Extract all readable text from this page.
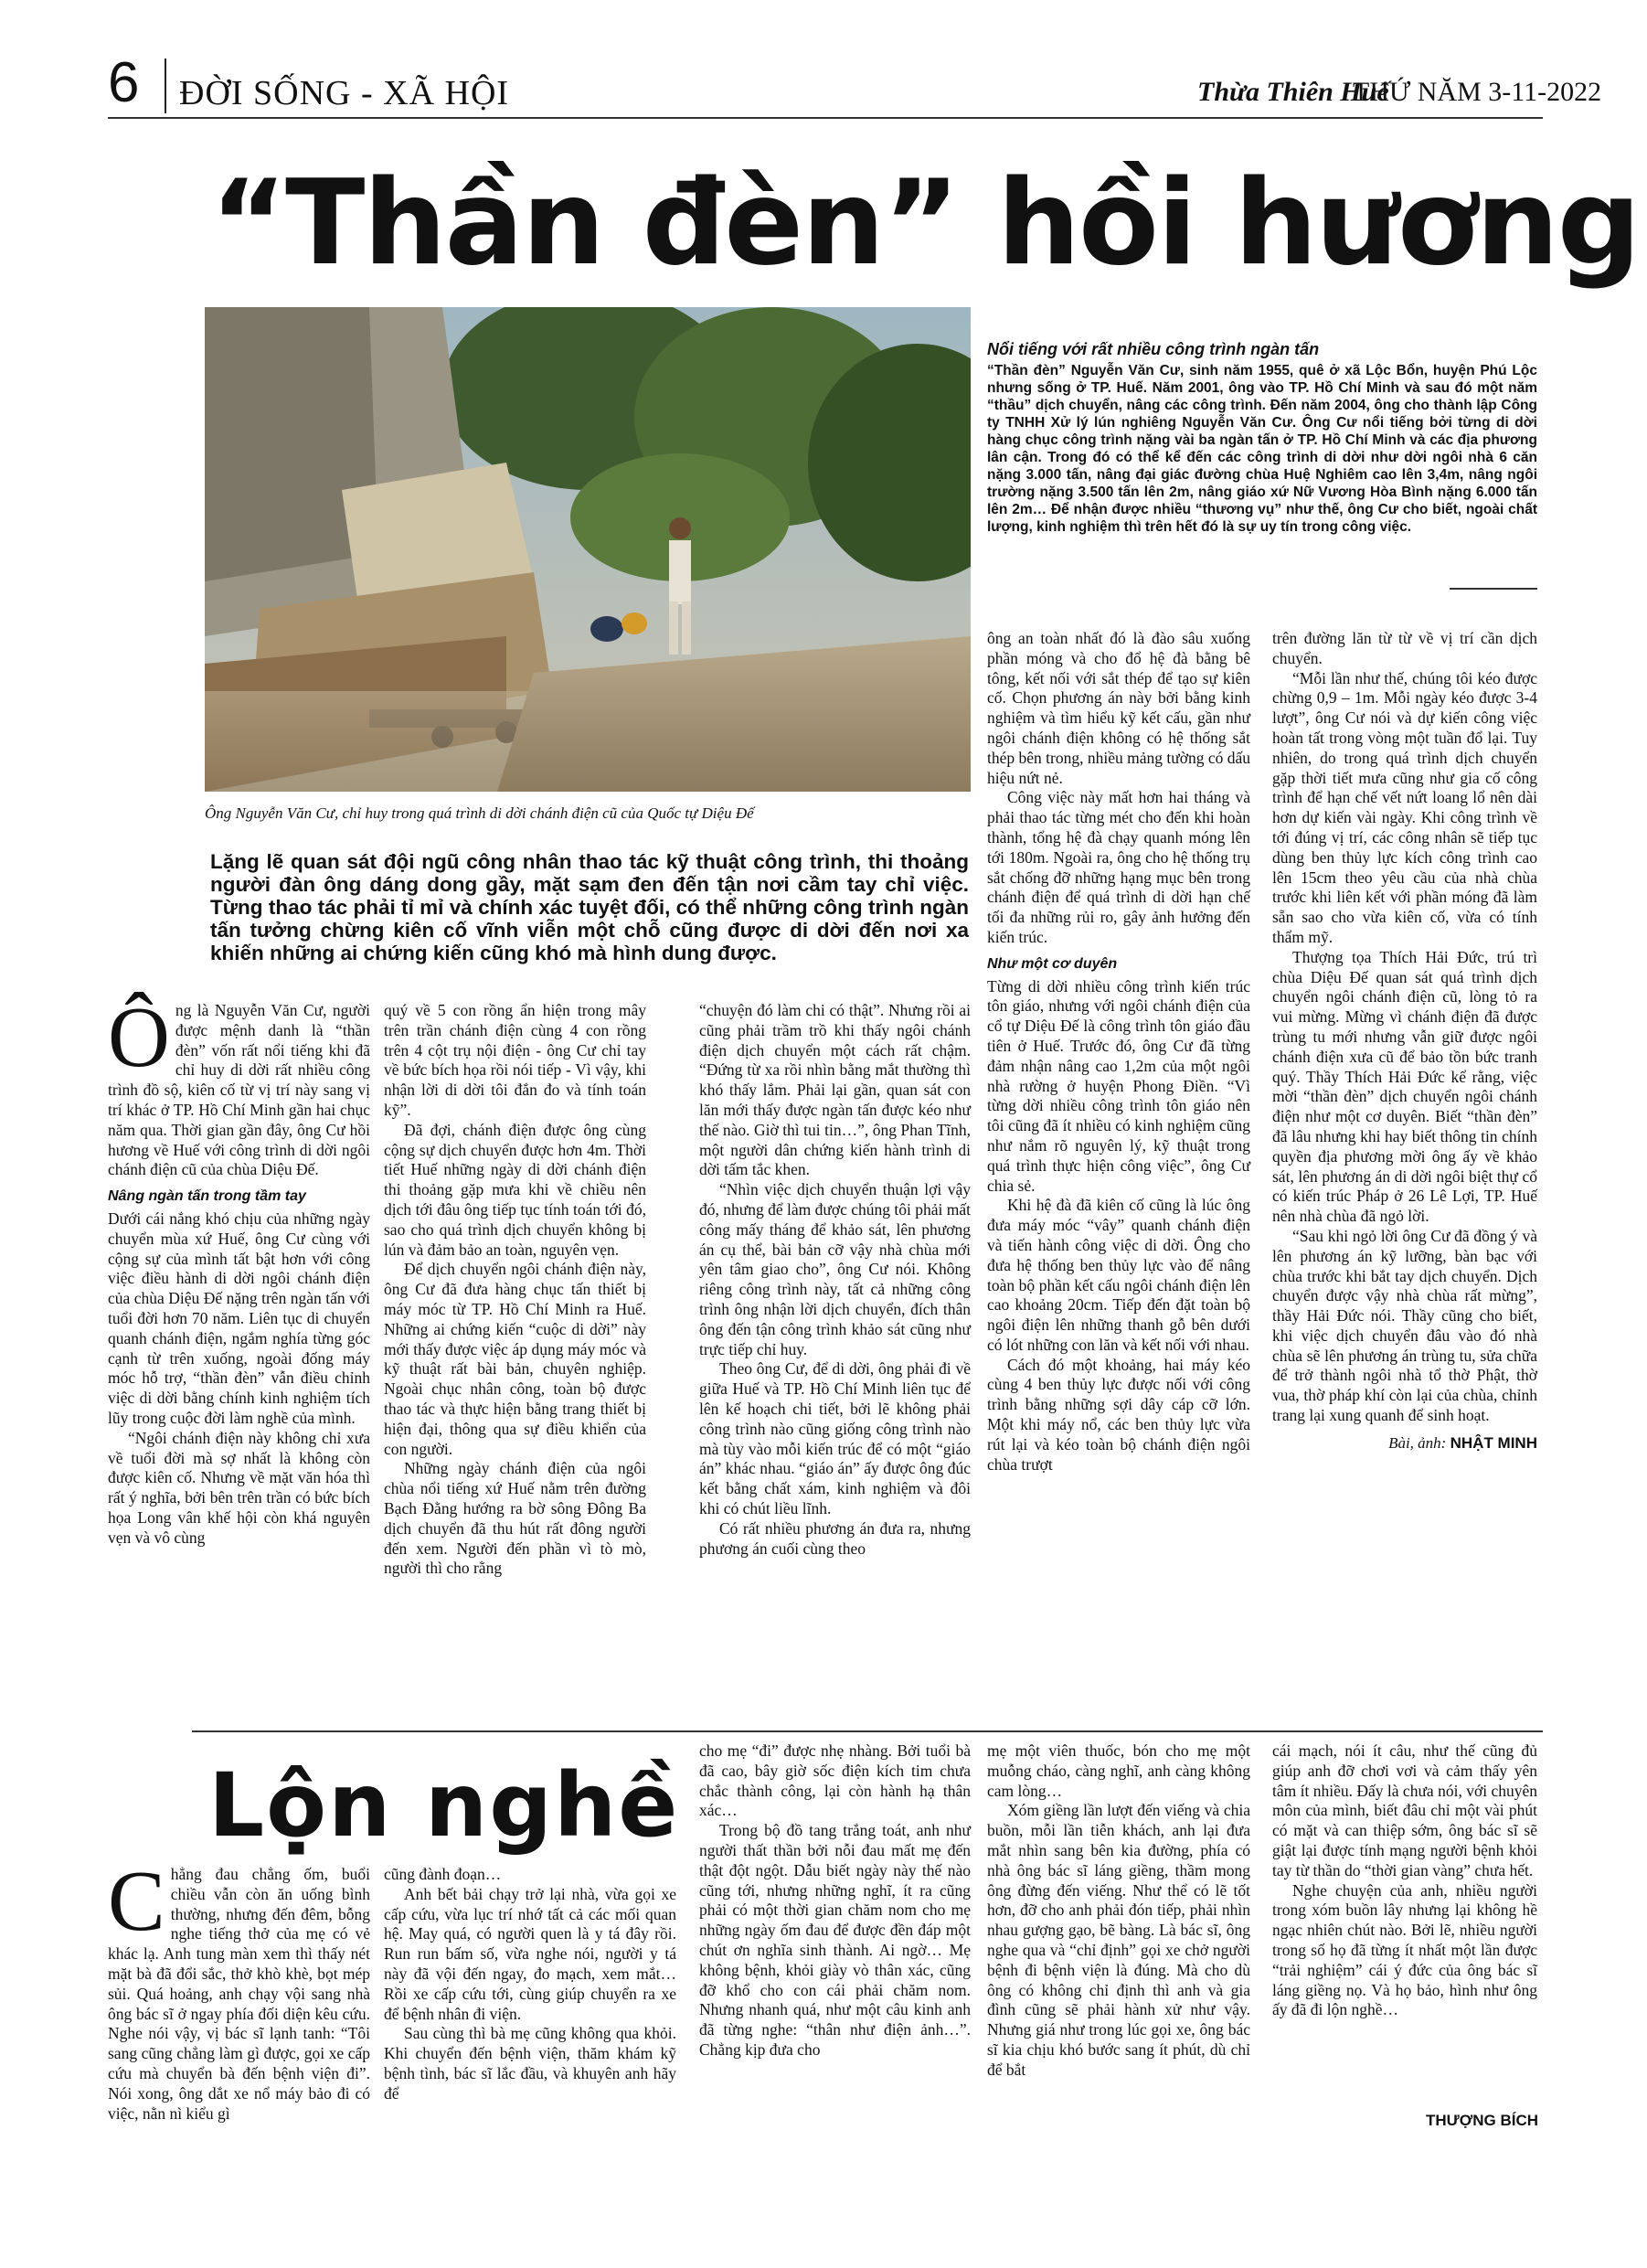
6 ĐỜI SỐNG - XÃ HỘI	Thừa Thiên Huế
THỨ NĂM 3-11-2022
“Thần đèn” hồi hương
Ông Nguyễn Văn Cư, chỉ huy trong quá trình di dời chánh điện cũ của Quốc tự Diệu Đế
Nổi tiếng với rất nhiều công trình ngàn tấn
“Thần đèn” Nguyễn Văn Cư, sinh năm 1955, quê ở xã Lộc Bổn, huyện Phú Lộc nhưng sống ở TP. Huế. Năm 2001, ông vào TP. Hồ Chí Minh và sau đó một năm “thầu” dịch chuyển, nâng các công trình. Đến năm 2004, ông cho thành lập Công ty TNHH Xử lý lún nghiêng Nguyễn Văn Cư. Ông Cư nổi tiếng bởi từng di dời hàng chục công trình nặng vài ba ngàn tấn ở TP. Hồ Chí Minh và các địa phương lân cận. Trong đó có thể kể đến các công trình di dời như dời ngôi nhà 6 căn nặng 3.000 tấn, nâng đại giác đường chùa Huệ Nghiêm cao lên 3,4m, nâng ngôi trường nặng 3.500 tấn lên 2m, nâng giáo xứ Nữ Vương Hòa Bình nặng 6.000 tấn lên 2m… Để nhận được nhiều “thương vụ” như thế, ông Cư cho biết, ngoài chất lượng, kinh nghiệm thì trên hết đó là sự uy tín trong công việc.
Lặng lẽ quan sát đội ngũ công nhân thao tác kỹ thuật công trình, thi thoảng người đàn ông dáng dong gầy, mặt sạm đen đến tận nơi cầm tay chỉ việc. Từng thao tác phải tỉ mỉ và chính xác tuyệt đối, có thể những công trình ngàn tấn tưởng chừng kiên cố vĩnh viễn một chỗ cũng được di dời đến nơi xa khiến những ai chứng kiến cũng khó mà hình dung được.

Ông là Nguyễn Văn Cư, người được mệnh danh là “thần đèn” vốn rất nổi tiếng khi đã chỉ huy di dời rất nhiều công trình đồ sộ, kiên cố từ vị trí này sang vị trí khác ở TP. Hồ Chí Minh gần hai chục năm qua. Thời gian gần đây, ông Cư hồi hương về Huế với công trình di dời ngôi chánh điện cũ của chùa Diệu Đế.

Nâng ngàn tấn trong tầm tay

Dưới cái nắng khó chịu của những ngày chuyển mùa xứ Huế, ông Cư cùng với cộng sự của mình tất bật hơn với công việc điều hành di dời ngôi chánh điện của chùa Diệu Đế nặng trên ngàn tấn với tuổi đời hơn 70 năm. Liên tục di chuyển quanh chánh điện, ngắm nghía từng góc cạnh từ trên xuống, ngoài đống máy móc hỗ trợ, “thần đèn” vẫn điều chỉnh việc di dời bằng chính kinh nghiệm tích lũy trong cuộc đời làm nghề của mình.

“Ngôi chánh điện này không chỉ xưa về tuổi đời mà sợ nhất là không còn được kiên cố. Nhưng về mặt văn hóa thì rất ý nghĩa, bởi bên trên trần có bức bích họa Long vân khế hội còn khá nguyên vẹn và vô cùng

quý về 5 con rồng ẩn hiện trong mây trên trần chánh điện cùng 4 con rồng trên 4 cột trụ nội điện - ông Cư chỉ tay về bức bích họa rồi nói tiếp - Vì vậy, khi nhận lời di dời tôi đắn đo và tính toán kỹ”.

Đã đợi, chánh điện được ông cùng cộng sự dịch chuyển được hơn 4m. Thời tiết Huế những ngày di dời chánh điện thi thoảng gặp mưa khi về chiều nên dịch tới đâu ông tiếp tục tính toán tới đó, sao cho quá trình dịch chuyển không bị lún và đảm bảo an toàn, nguyên vẹn.

Để dịch chuyển ngôi chánh điện này, ông Cư đã đưa hàng chục tấn thiết bị máy móc từ TP. Hồ Chí Minh ra Huế. Những ai chứng kiến “cuộc di dời” này mới thấy được việc áp dụng máy móc và kỹ thuật rất bài bản, chuyên nghiệp. Ngoài chục nhân công, toàn bộ được thao tác và thực hiện bằng trang thiết bị hiện đại, thông qua sự điều khiển của con người.

Những ngày chánh điện của ngôi chùa nổi tiếng xứ Huế nằm trên đường Bạch Đằng hướng ra bờ sông Đông Ba dịch chuyển đã thu hút rất đông người đến xem. Người đến phần vì tò mò, người thì cho rằng

“chuyện đó làm chi có thật”. Nhưng rồi ai cũng phải trầm trồ khi thấy ngôi chánh điện dịch chuyển một cách rất chậm. “Đứng từ xa rồi nhìn bằng mắt thường thì khó thấy lắm. Phải lại gần, quan sát con lăn mới thấy được ngàn tấn được kéo như thế nào. Giờ thì tui tin…”, ông Phan Tĩnh, một người dân chứng kiến hành trình di dời tấm tắc khen.

“Nhìn việc dịch chuyển thuận lợi vậy đó, nhưng để làm được chúng tôi phải mất công mấy tháng để khảo sát, lên phương án cụ thể, bài bản cỡ vậy nhà chùa mới yên tâm giao cho”, ông Cư nói. Không riêng công trình này, tất cả những công trình ông nhận lời dịch chuyển, đích thân ông đến tận công trình khảo sát cũng như trực tiếp chỉ huy.

Theo ông Cư, để di dời, ông phải đi về giữa Huế và TP. Hồ Chí Minh liên tục để lên kế hoạch chi tiết, bởi lẽ không phải công trình nào cũng giống công trình nào mà tùy vào mỗi kiến trúc để có một “giáo án” khác nhau. “giáo án” ấy được ông đúc kết bằng chất xám, kinh nghiệm và đôi khi có chút liều lĩnh.

Có rất nhiều phương án đưa ra, nhưng phương án cuối cùng theo

ông an toàn nhất đó là đào sâu xuống phần móng và cho đổ hệ đà bằng bê tông, kết nối với sắt thép để tạo sự kiên cố. Chọn phương án này bởi bằng kinh nghiệm và tìm hiểu kỹ kết cấu, gần như ngôi chánh điện không có hệ thống sắt thép bên trong, nhiều mảng tường có dấu hiệu nứt nẻ.

Công việc này mất hơn hai tháng và phải thao tác từng mét cho đến khi hoàn thành, tổng hệ đà chạy quanh móng lên tới 180m. Ngoài ra, ông cho hệ thống trụ sắt chống đỡ những hạng mục bên trong chánh điện để quá trình di dời hạn chế tối đa những rủi ro, gây ảnh hưởng đến kiến trúc.

Như một cơ duyên

Từng di dời nhiều công trình kiến trúc tôn giáo, nhưng với ngôi chánh điện của cổ tự Diệu Đế là công trình tôn giáo đầu tiên ở Huế. Trước đó, ông Cư đã từng đảm nhận nâng cao 1,2m của một ngôi nhà rường ở huyện Phong Điền. “Vì từng dời nhiều công trình tôn giáo nên tôi cũng đã ít nhiều có kinh nghiệm cũng như nắm rõ nguyên lý, kỹ thuật trong quá trình thực hiện công việc”, ông Cư chia sẻ.

Khi hệ đà đã kiên cố cũng là lúc ông đưa máy móc “vây” quanh chánh điện và tiến hành công việc di dời. Ông cho đưa hệ thống ben thủy lực vào để nâng toàn bộ phần kết cấu ngôi chánh điện lên cao khoảng 20cm. Tiếp đến đặt toàn bộ ngôi điện lên những thanh gỗ bên dưới có lót những con lăn và kết nối với nhau.

Cách đó một khoảng, hai máy kéo cùng 4 ben thủy lực được nối với công trình bằng những sợi dây cáp cỡ lớn. Một khi máy nổ, các ben thủy lực vừa rút lại và kéo toàn bộ chánh điện ngôi chùa trượt

trên đường lăn từ từ về vị trí cần dịch chuyển.

“Mỗi lần như thế, chúng tôi kéo được chừng 0,9 – 1m. Mỗi ngày kéo được 3-4 lượt”, ông Cư nói và dự kiến công việc hoàn tất trong vòng một tuần đổ lại. Tuy nhiên, do trong quá trình dịch chuyển gặp thời tiết mưa cũng như gia cố công trình để hạn chế vết nứt loang lổ nên dài hơn dự kiến vài ngày. Khi công trình về tới đúng vị trí, các công nhân sẽ tiếp tục dùng ben thủy lực kích công trình cao lên 15cm theo yêu cầu của nhà chùa trước khi liên kết với phần móng đã làm sẵn sao cho vừa kiên cố, vừa có tính thẩm mỹ.

Thượng tọa Thích Hải Đức, trú trì chùa Diệu Đế quan sát quá trình dịch chuyển ngôi chánh điện cũ, lòng tỏ ra vui mừng. Mừng vì chánh điện đã được trùng tu mới nhưng vẫn giữ được ngôi chánh điện xưa cũ để bảo tồn bức tranh quý. Thầy Thích Hải Đức kể rằng, việc mời “thần đèn” dịch chuyển ngôi chánh điện như một cơ duyên. Biết “thần đèn” đã lâu nhưng khi hay biết thông tin chính quyền địa phương mời ông ấy về khảo sát, lên phương án di dời ngôi biệt thự cổ có kiến trúc Pháp ở 26 Lê Lợi, TP. Huế nên nhà chùa đã ngỏ lời.

“Sau khi ngỏ lời ông Cư đã đồng ý và lên phương án kỹ lưỡng, bàn bạc với chùa trước khi bắt tay dịch chuyển. Dịch chuyển được vậy nhà chùa rất mừng”, thầy Hải Đức nói. Thầy cũng cho biết, khi việc dịch chuyển đâu vào đó nhà chùa sẽ lên phương án trùng tu, sửa chữa để trở thành ngôi nhà tổ thờ Phật, thờ vua, thờ pháp khí còn lại của chùa, chỉnh trang lại xung quanh để sinh hoạt.

Bài, ảnh: NHẬT MINH
Lộn nghề

Chẳng đau chẳng ốm, buổi chiều vẫn còn ăn uống bình thường, nhưng đến đêm, bỗng nghe tiếng thở của mẹ có vẻ khác lạ. Anh tung màn xem thì thấy nét mặt bà đã đổi sắc, thở khò khè, bọt mép sủi. Quá hoảng, anh chạy vội sang nhà ông bác sĩ ở ngay phía đối diện kêu cứu. Nghe nói vậy, vị bác sĩ lạnh tanh: “Tôi sang cũng chẳng làm gì được, gọi xe cấp cứu mà chuyển bà đến bệnh viện đi”. Nói xong, ông dắt xe nổ máy bảo đi có việc, nằn nì kiểu gì

cũng đành đoạn…

Anh bết bải chạy trở lại nhà, vừa gọi xe cấp cứu, vừa lục trí nhớ tất cả các mối quan hệ. May quá, có người quen là y tá đây rồi. Run run bấm số, vừa nghe nói, người y tá này đã vội đến ngay, đo mạch, xem mắt… Rồi xe cấp cứu tới, cùng giúp chuyển ra xe để bệnh nhân đi viện.

Sau cùng thì bà mẹ cũng không qua khỏi. Khi chuyển đến bệnh viện, thăm khám kỹ bệnh tình, bác sĩ lắc đầu, và khuyên anh hãy để

cho mẹ “đi” được nhẹ nhàng. Bởi tuổi bà đã cao, bây giờ sốc điện kích tim chưa chắc thành công, lại còn hành hạ thân xác…

Trong bộ đồ tang trắng toát, anh như người thất thần bởi nỗi đau mất mẹ đến thật đột ngột. Dẫu biết ngày này thế nào cũng tới, nhưng những nghĩ, ít ra cũng phải có một thời gian chăm nom cho mẹ những ngày ốm đau để được đền đáp một chút ơn nghĩa sinh thành. Ai ngờ… Mẹ không bệnh, khỏi giày vò thân xác, cũng đỡ khổ cho con cái phải chăm nom. Nhưng nhanh quá, như một câu kinh anh đã từng nghe: “thân như điện ảnh…”. Chẳng kịp đưa cho

mẹ một viên thuốc, bón cho mẹ một muỗng cháo, càng nghĩ, anh càng không cam lòng…

Xóm giềng lần lượt đến viếng và chia buồn, mỗi lần tiễn khách, anh lại đưa mắt nhìn sang bên kia đường, phía có nhà ông bác sĩ láng giềng, thầm mong ông đừng đến viếng. Như thể có lẽ tốt hơn, đỡ cho anh phải đón tiếp, phải nhìn nhau gượng gạo, bẽ bàng. Là bác sĩ, ông nghe qua và “chỉ định” gọi xe chở người bệnh đi bệnh viện là đúng. Mà cho dù ông có không chỉ định thì anh và gia đình cũng sẽ phải hành xử như vậy. Nhưng giá như trong lúc gọi xe, ông bác sĩ kia chịu khó bước sang ít phút, dù chỉ để bắt

cái mạch, nói ít câu, như thế cũng đủ giúp anh đỡ chơi vơi và cảm thấy yên tâm ít nhiều. Đấy là chưa nói, với chuyên môn của mình, biết đâu chỉ một vài phút có mặt và can thiệp sớm, ông bác sĩ sẽ giật lại được tính mạng người bệnh khỏi tay từ thần do “thời gian vàng” chưa hết.

Nghe chuyện của anh, nhiều người trong xóm buồn lây nhưng lại không hề ngạc nhiên chút nào. Bởi lẽ, nhiều người trong số họ đã từng ít nhất một lần được “trải nghiệm” cái ý đức của ông bác sĩ láng giềng nọ. Và họ bảo, hình như ông ấy đã đi lộn nghề…

THƯỢNG BÍCH
